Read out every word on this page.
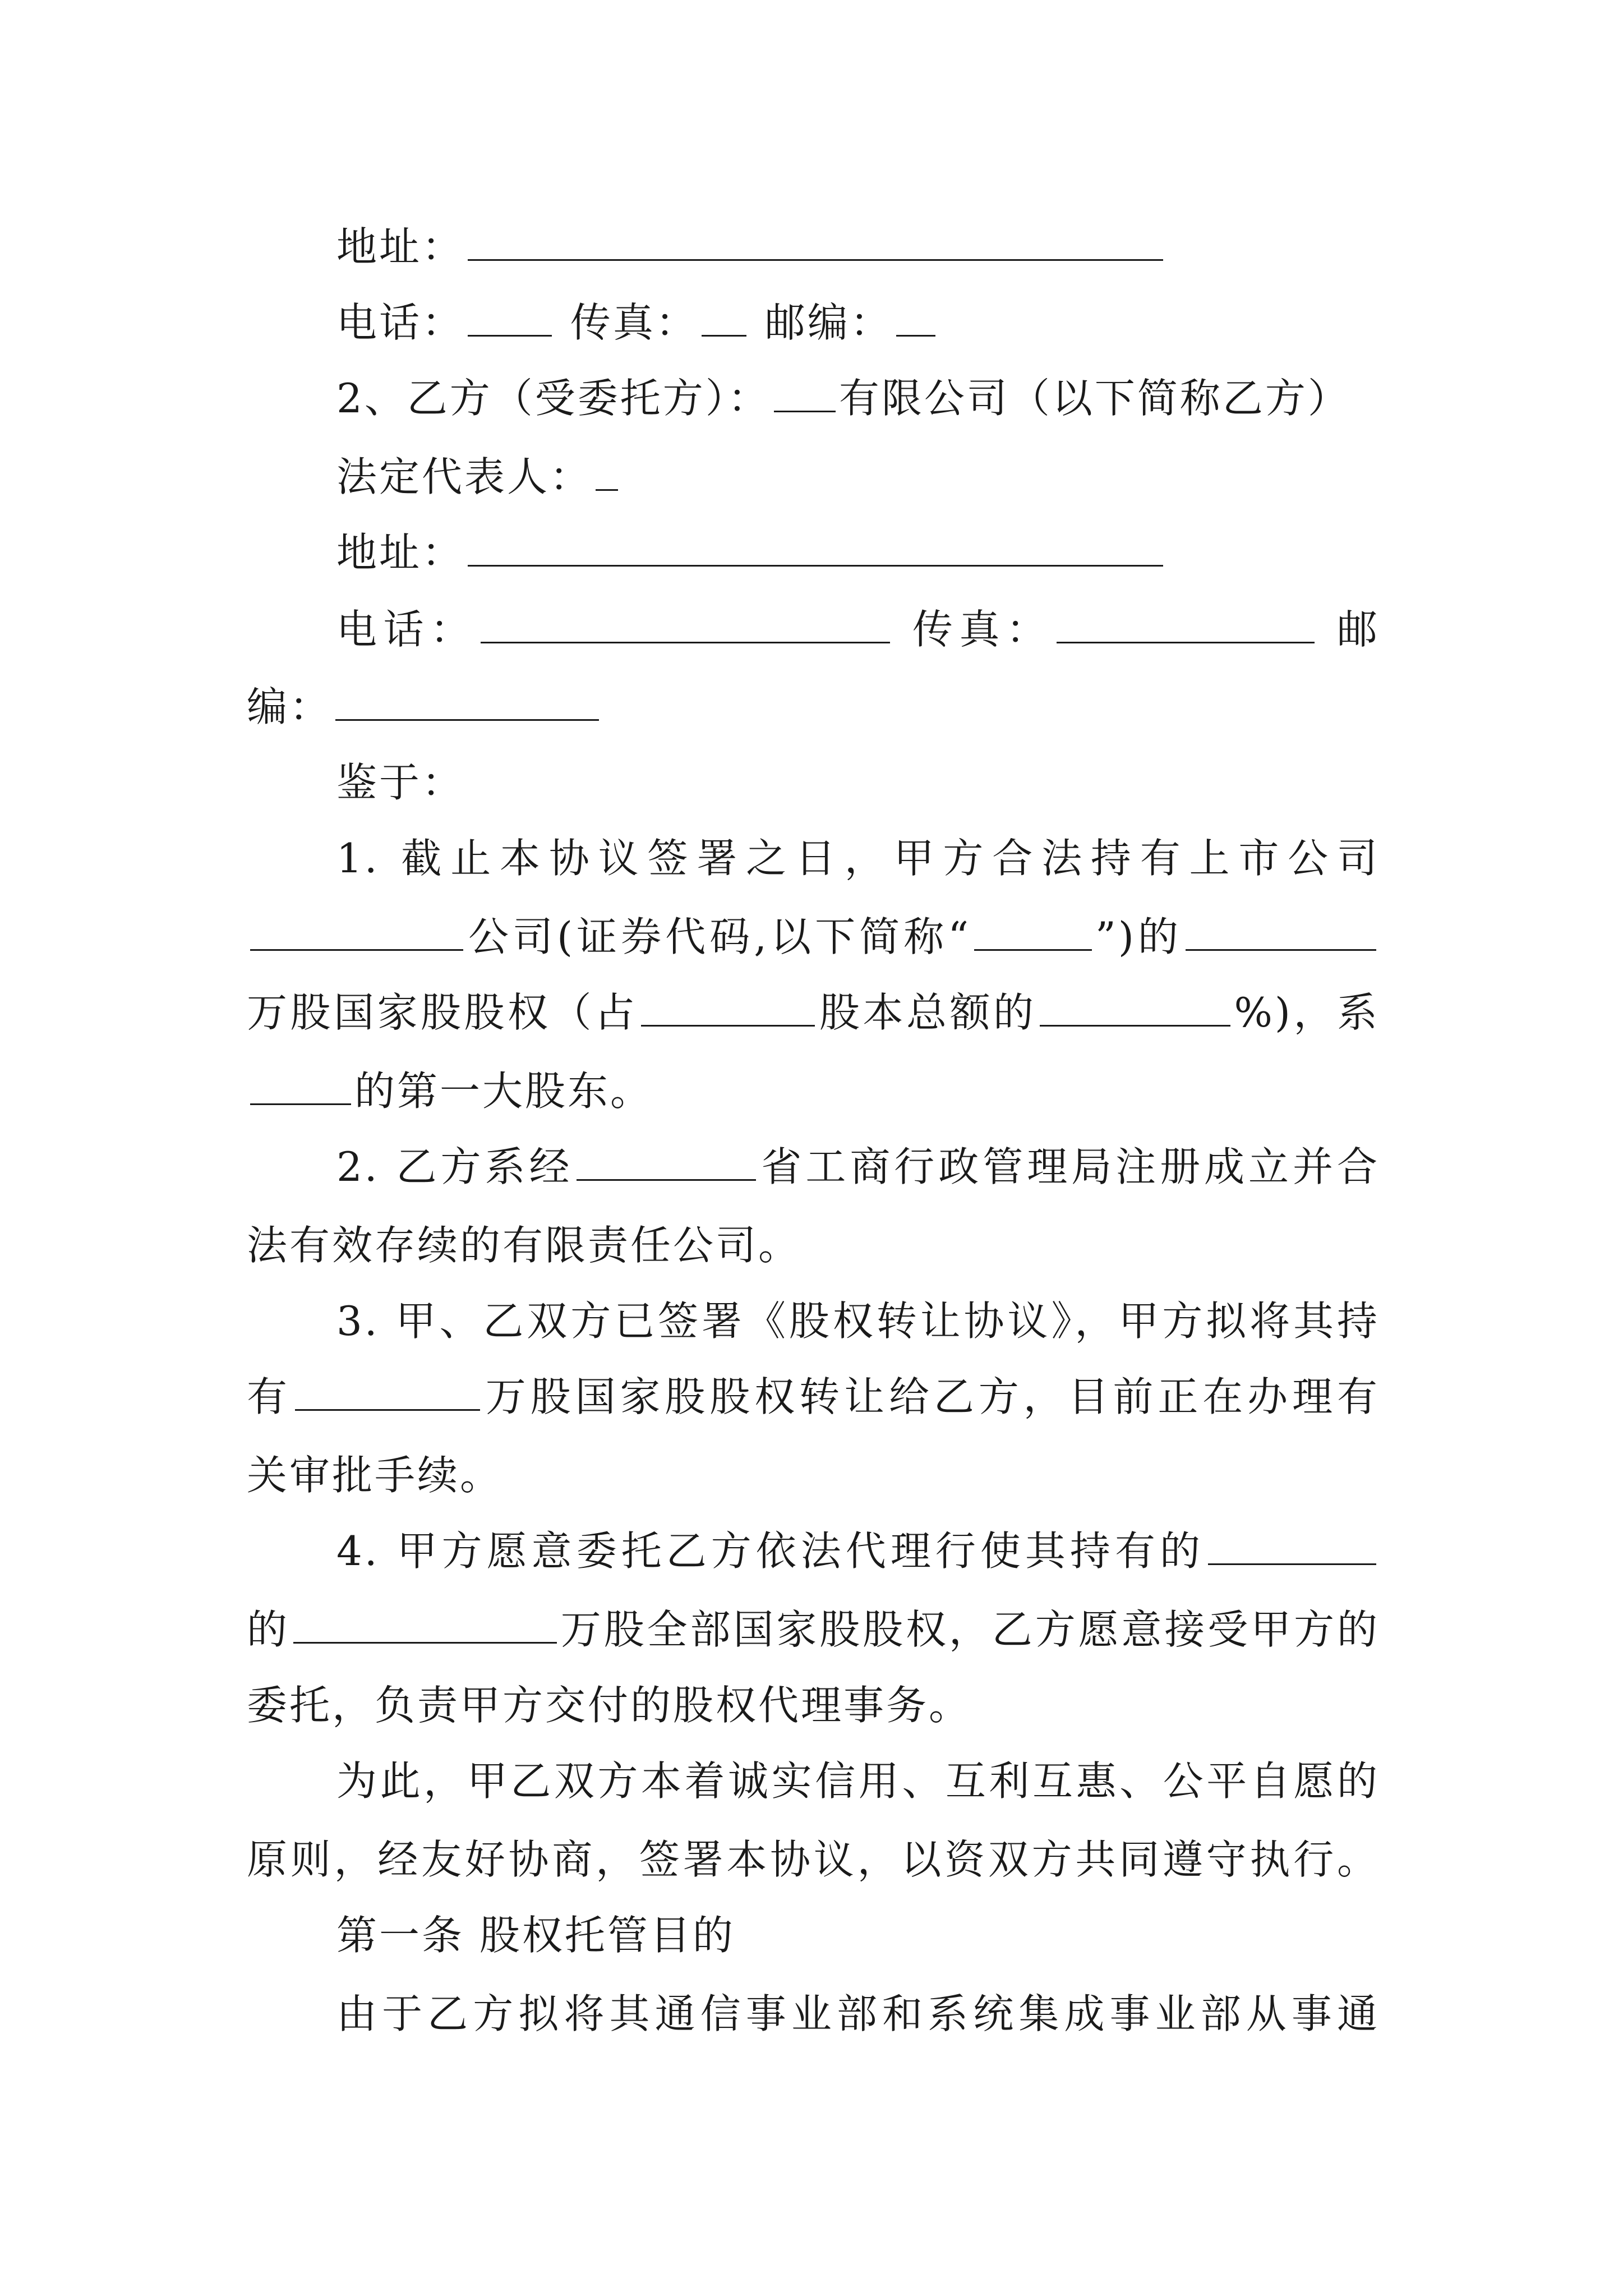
地址：
电话： 传真： 邮编：
2、乙方（受委托方）： 有限公司（以下简称乙方）
法定代表人：
地址：
电话：	传真：	邮
编：
鉴于：
1. 截止本协议签署之日，甲方合法持有上市公司
公司(证券代码,以下简称“	”)的
万股国家股股权（占	股本总额的	%)，系
的第一大股东。
2. 乙方系经	省工商行政管理局注册成立并合
法有效存续的有限责任公司。
3. 甲、乙双方已签署《股权转让协议》，甲方拟将其持
有	万股国家股股权转让给乙方，目前正在办理有
关审批手续。
4. 甲方愿意委托乙方依法代理行使其持有的
的	万股全部国家股股权，乙方愿意接受甲方的
委托，负责甲方交付的股权代理事务。
为此，甲乙双方本着诚实信用、互利互惠、公平自愿的
原则，经友好协商，签署本协议，以资双方共同遵守执行。
第一条 股权托管目的
由于乙方拟将其通信事业部和系统集成事业部从事通
